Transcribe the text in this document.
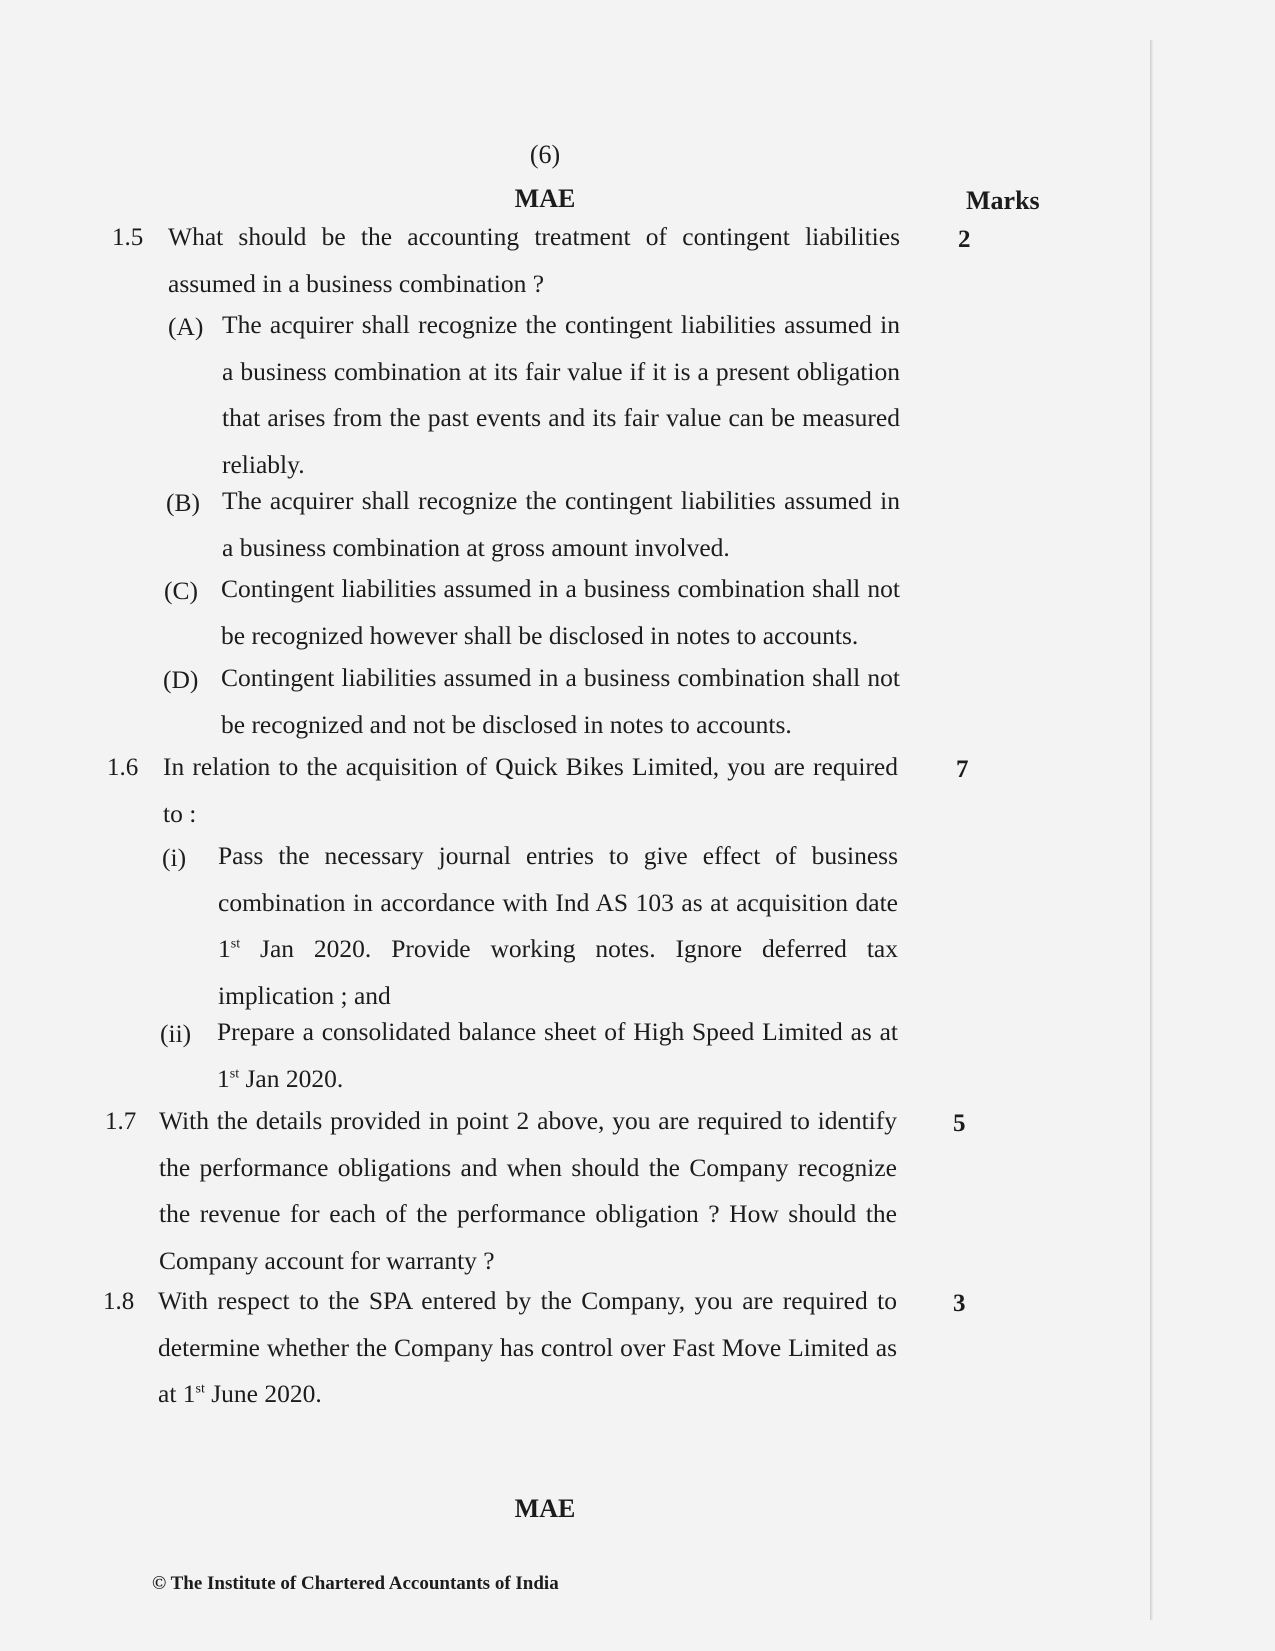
(6)
MAE	Marks
1.5	2
What should be the accounting treatment of contingent liabilities assumed in a business combination ?
(A) The acquirer shall recognize the contingent liabilities assumed in a business combination at its fair value if it is a present obligation that arises from the past events and its fair value can be measured reliably.
(B) The acquirer shall recognize the contingent liabilities assumed in a business combination at gross amount involved.
(C) Contingent liabilities assumed in a business combination shall not be recognized however shall be disclosed in notes to accounts.
(D) Contingent liabilities assumed in a business combination shall not be recognized and not be disclosed in notes to accounts.
1.6	7
In relation to the acquisition of Quick Bikes Limited, you are required to :
(i) Pass the necessary journal entries to give effect of business combination in accordance with Ind AS 103 as at acquisition date 1st Jan 2020. Provide working notes. Ignore deferred tax implication ; and
(ii) Prepare a consolidated balance sheet of High Speed Limited as at 1st Jan 2020.
1.7	5
With the details provided in point 2 above, you are required to identify the performance obligations and when should the Company recognize the revenue for each of the performance obligation ? How should the Company account for warranty ?
1.8	3
With respect to the SPA entered by the Company, you are required to determine whether the Company has control over Fast Move Limited as at 1st June 2020.
MAE
© The Institute of Chartered Accountants of India
